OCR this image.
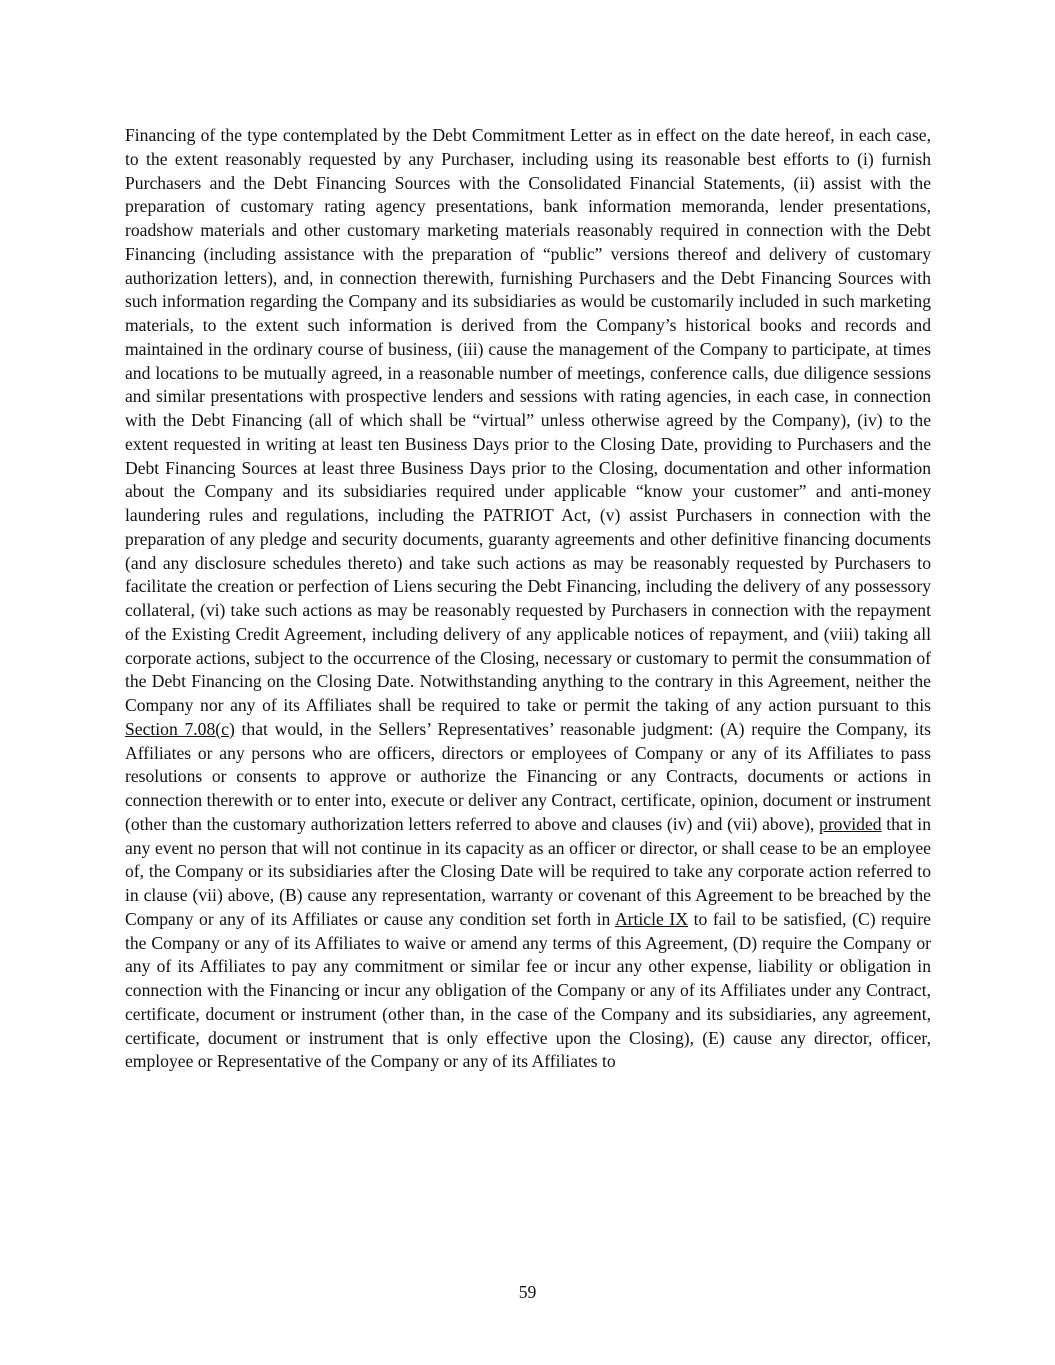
Financing of the type contemplated by the Debt Commitment Letter as in effect on the date hereof, in each case, to the extent reasonably requested by any Purchaser, including using its reasonable best efforts to (i) furnish Purchasers and the Debt Financing Sources with the Consolidated Financial Statements, (ii) assist with the preparation of customary rating agency presentations, bank information memoranda, lender presentations, roadshow materials and other customary marketing materials reasonably required in connection with the Debt Financing (including assistance with the preparation of “public” versions thereof and delivery of customary authorization letters), and, in connection therewith, furnishing Purchasers and the Debt Financing Sources with such information regarding the Company and its subsidiaries as would be customarily included in such marketing materials, to the extent such information is derived from the Company’s historical books and records and maintained in the ordinary course of business, (iii) cause the management of the Company to participate, at times and locations to be mutually agreed, in a reasonable number of meetings, conference calls, due diligence sessions and similar presentations with prospective lenders and sessions with rating agencies, in each case, in connection with the Debt Financing (all of which shall be “virtual” unless otherwise agreed by the Company), (iv) to the extent requested in writing at least ten Business Days prior to the Closing Date, providing to Purchasers and the Debt Financing Sources at least three Business Days prior to the Closing, documentation and other information about the Company and its subsidiaries required under applicable “know your customer” and anti-money laundering rules and regulations, including the PATRIOT Act, (v) assist Purchasers in connection with the preparation of any pledge and security documents, guaranty agreements and other definitive financing documents (and any disclosure schedules thereto) and take such actions as may be reasonably requested by Purchasers to facilitate the creation or perfection of Liens securing the Debt Financing, including the delivery of any possessory collateral, (vi) take such actions as may be reasonably requested by Purchasers in connection with the repayment of the Existing Credit Agreement, including delivery of any applicable notices of repayment, and (viii) taking all corporate actions, subject to the occurrence of the Closing, necessary or customary to permit the consummation of the Debt Financing on the Closing Date. Notwithstanding anything to the contrary in this Agreement, neither the Company nor any of its Affiliates shall be required to take or permit the taking of any action pursuant to this Section 7.08(c) that would, in the Sellers’ Representatives’ reasonable judgment: (A) require the Company, its Affiliates or any persons who are officers, directors or employees of Company or any of its Affiliates to pass resolutions or consents to approve or authorize the Financing or any Contracts, documents or actions in connection therewith or to enter into, execute or deliver any Contract, certificate, opinion, document or instrument (other than the customary authorization letters referred to above and clauses (iv) and (vii) above), provided that in any event no person that will not continue in its capacity as an officer or director, or shall cease to be an employee of, the Company or its subsidiaries after the Closing Date will be required to take any corporate action referred to in clause (vii) above, (B) cause any representation, warranty or covenant of this Agreement to be breached by the Company or any of its Affiliates or cause any condition set forth in Article IX to fail to be satisfied, (C) require the Company or any of its Affiliates to waive or amend any terms of this Agreement, (D) require the Company or any of its Affiliates to pay any commitment or similar fee or incur any other expense, liability or obligation in connection with the Financing or incur any obligation of the Company or any of its Affiliates under any Contract, certificate, document or instrument (other than, in the case of the Company and its subsidiaries, any agreement, certificate, document or instrument that is only effective upon the Closing), (E) cause any director, officer, employee or Representative of the Company or any of its Affiliates to

59
